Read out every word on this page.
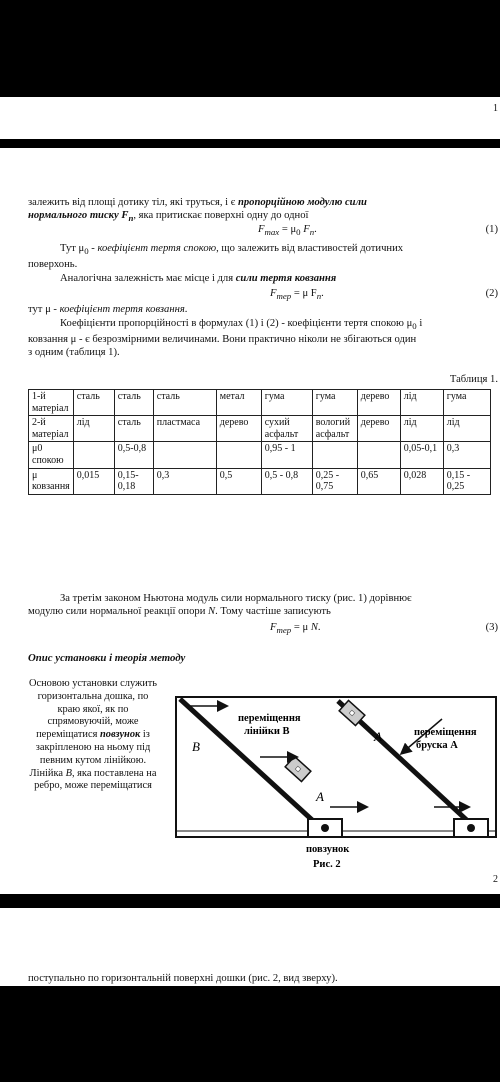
1
залежить від площі дотику тіл, які труться, і є пропорційною модулю сили
нормального тиску $F_n$, яка притискає поверхні одну до одної
$F_{max} = \mu_0$ $F_n$.	(1)
Тут $\mu_0$ - коефіцієнт тертя спокою, що залежить від властивостей дотичних
поверхонь.
Аналогічна залежність має місце і для сили тертя ковзання
$F_{тер} = \mu$ $F_n$.	(2)
тут μ - коефіцієнт тертя ковзання.
Коефіцієнти пропорційності в формулах (1) і (2) - коефіцієнти тертя спокою $\mu_0$ і
ковзання μ - є безрозмірними величинами. Вони практично ніколи не збігаються один
з одним (таблиця 1).
Таблиця 1.
1-й матеріал	сталь	сталь	сталь	метал	гума	гума	дерево	лід	гума
2-й матеріал	лід	сталь	пластмаса	дерево	сухий асфальт	вологий асфальт	дерево	лід	лід
μ0 спокою		0,5-0,8			0,95 - 1			0,05-0,1	0,3
μ ковзання	0,015	0,15-0,18	0,3	0,5	0,5 - 0,8	0,25 - 0,75	0,65	0,028	0,15 - 0,25
За третім законом Ньютона модуль сили нормального тиску (рис. 1) дорівнює
модулю сили нормальної реакції опори N. Тому частіше записують
$F_{тер} = \mu$ N.	(3)
Опис установки і теорія методу
Основою установки служить горизонтальна дошка, по краю якої, як по спрямовуючій, може переміщатися повзунок із закріпленою на ньому під певним кутом лінійкою. Лінійка B, яка поставлена на ребро, може переміщатися
переміщення
лінійки B	переміщення
бруска A
B
A
A
повзунок
Рис. 2
2
поступально по горизонтальній поверхні дошки (рис. 2, вид зверху).
